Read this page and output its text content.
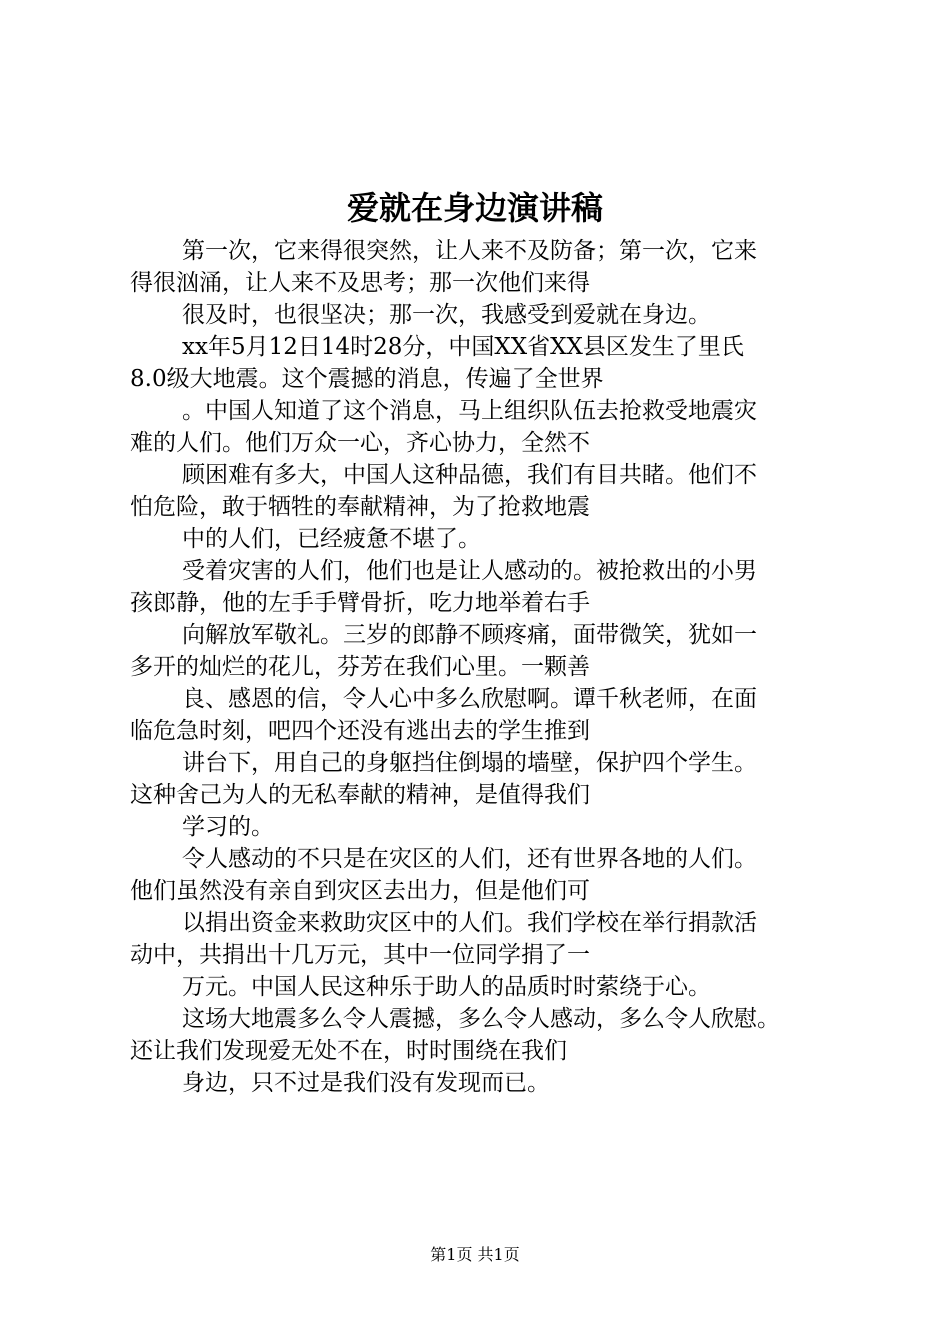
爱就在身边演讲稿
第一次，它来得很突然，让人来不及防备；第一次，它来
得很汹涌，让人来不及思考；那一次他们来得
很及时，也很坚决；那一次，我感受到爱就在身边。
xx年5月12日14时28分，中国XX省XX县区发生了里氏
8.0级大地震。这个震撼的消息，传遍了全世界
。中国人知道了这个消息，马上组织队伍去抢救受地震灾
难的人们。他们万众一心，齐心协力，全然不
顾困难有多大，中国人这种品德，我们有目共睹。他们不
怕危险，敢于牺牲的奉献精神，为了抢救地震
中的人们，已经疲惫不堪了。
受着灾害的人们，他们也是让人感动的。被抢救出的小男
孩郎静，他的左手手臂骨折，吃力地举着右手
向解放军敬礼。三岁的郎静不顾疼痛，面带微笑，犹如一
多开的灿烂的花儿，芬芳在我们心里。一颗善
良、感恩的信，令人心中多么欣慰啊。谭千秋老师，在面
临危急时刻，吧四个还没有逃出去的学生推到
讲台下，用自己的身躯挡住倒塌的墙壁，保护四个学生。
这种舍己为人的无私奉献的精神，是值得我们
学习的。
令人感动的不只是在灾区的人们，还有世界各地的人们。
他们虽然没有亲自到灾区去出力，但是他们可
以捐出资金来救助灾区中的人们。我们学校在举行捐款活
动中，共捐出十几万元，其中一位同学捐了一
万元。中国人民这种乐于助人的品质时时萦绕于心。
这场大地震多么令人震撼，多么令人感动，多么令人欣慰。
还让我们发现爱无处不在，时时围绕在我们
身边，只不过是我们没有发现而已。
第1页 共1页
